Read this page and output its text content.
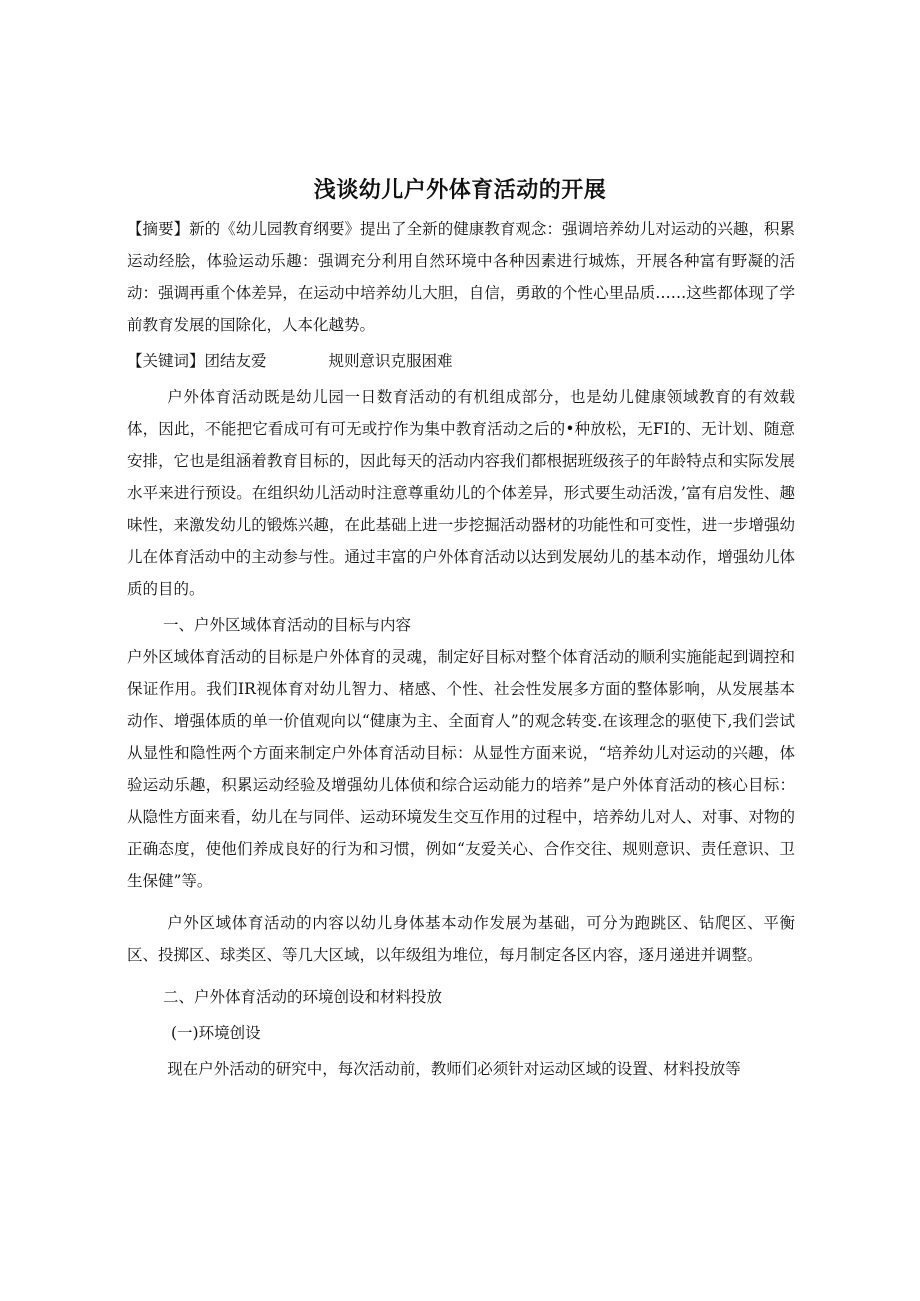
浅谈幼儿户外体育活动的开展

【摘要】新的《幼儿园教育纲要》提出了全新的健康教育观念：强调培养幼儿对运动的兴趣，积累运动经脍，体验运动乐趣：强调充分利用自然环境中各种因素进行城炼，开展各种富有野凝的活动：强调再重个体差异，在运动中培养幼儿大胆，自信，勇敢的个性心里品质……这些都体现了学前教育发展的国除化，人本化越势。

【关键词】团结友爱	规则意识克服困难

户外体育活动既是幼儿园一日数育活动的有机组成部分，也是幼儿健康领域教育的有效载体，因此，不能把它看成可有可无或拧作为集中教育活动之后的•种放松，无FI的、无计划、随意安排，它也是组涵着教育目标的，因此每天的活动内容我们都根据班级孩子的年龄特点和实际发展水平来进行预设。在组织幼儿活动时注意尊重幼儿的个体差异，形式要生动活泼，’富有启发性、趣味性，来激发幼儿的锻炼兴趣，在此基础上进一步挖掘活动器材的功能性和可变性，进一步增强幼儿在体育活动中的主动参与性。通过丰富的户外体育活动以达到发展幼儿的基本动作，增强幼儿体质的目的。

一、户外区域体育活动的目标与内容

户外区域体育活动的目标是户外体育的灵魂，制定好目标对整个体育活动的顺利实施能起到调控和保证作用。我们IR视体育对幼儿智力、楮感、个性、社会性发展多方面的整体影响，从发展基本动作、增强体质的单一价值观向以“健康为主、全面育人”的观念转变.在该理念的驱使下,我们尝试从显性和隐性两个方面来制定户外体育活动目标：从显性方面来说，“培养幼儿对运动的兴趣，体验运动乐趣，积累运动经验及增强幼儿体侦和综合运动能力的培养”是户外体育活动的核心目标：从隐性方面来看，幼儿在与同伴、运动环境发生交互作用的过程中，培养幼儿对人、对事、对物的正确态度，使他们养成良好的行为和习惯，例如“友爱关心、合作交往、规则意识、责任意识、卫生保健”等。

户外区域体育活动的内容以幼儿身体基本动作发展为基础，可分为跑跳区、钻爬区、平衡区、投掷区、球类区、等几大区域，以年级组为堆位，每月制定各区内容，逐月递进并调整。

二、户外体育活动的环境创设和材料投放

(一)环境创设

现在户外活动的研究中，每次活动前，教师们必须针对运动区域的设置、材料投放等
